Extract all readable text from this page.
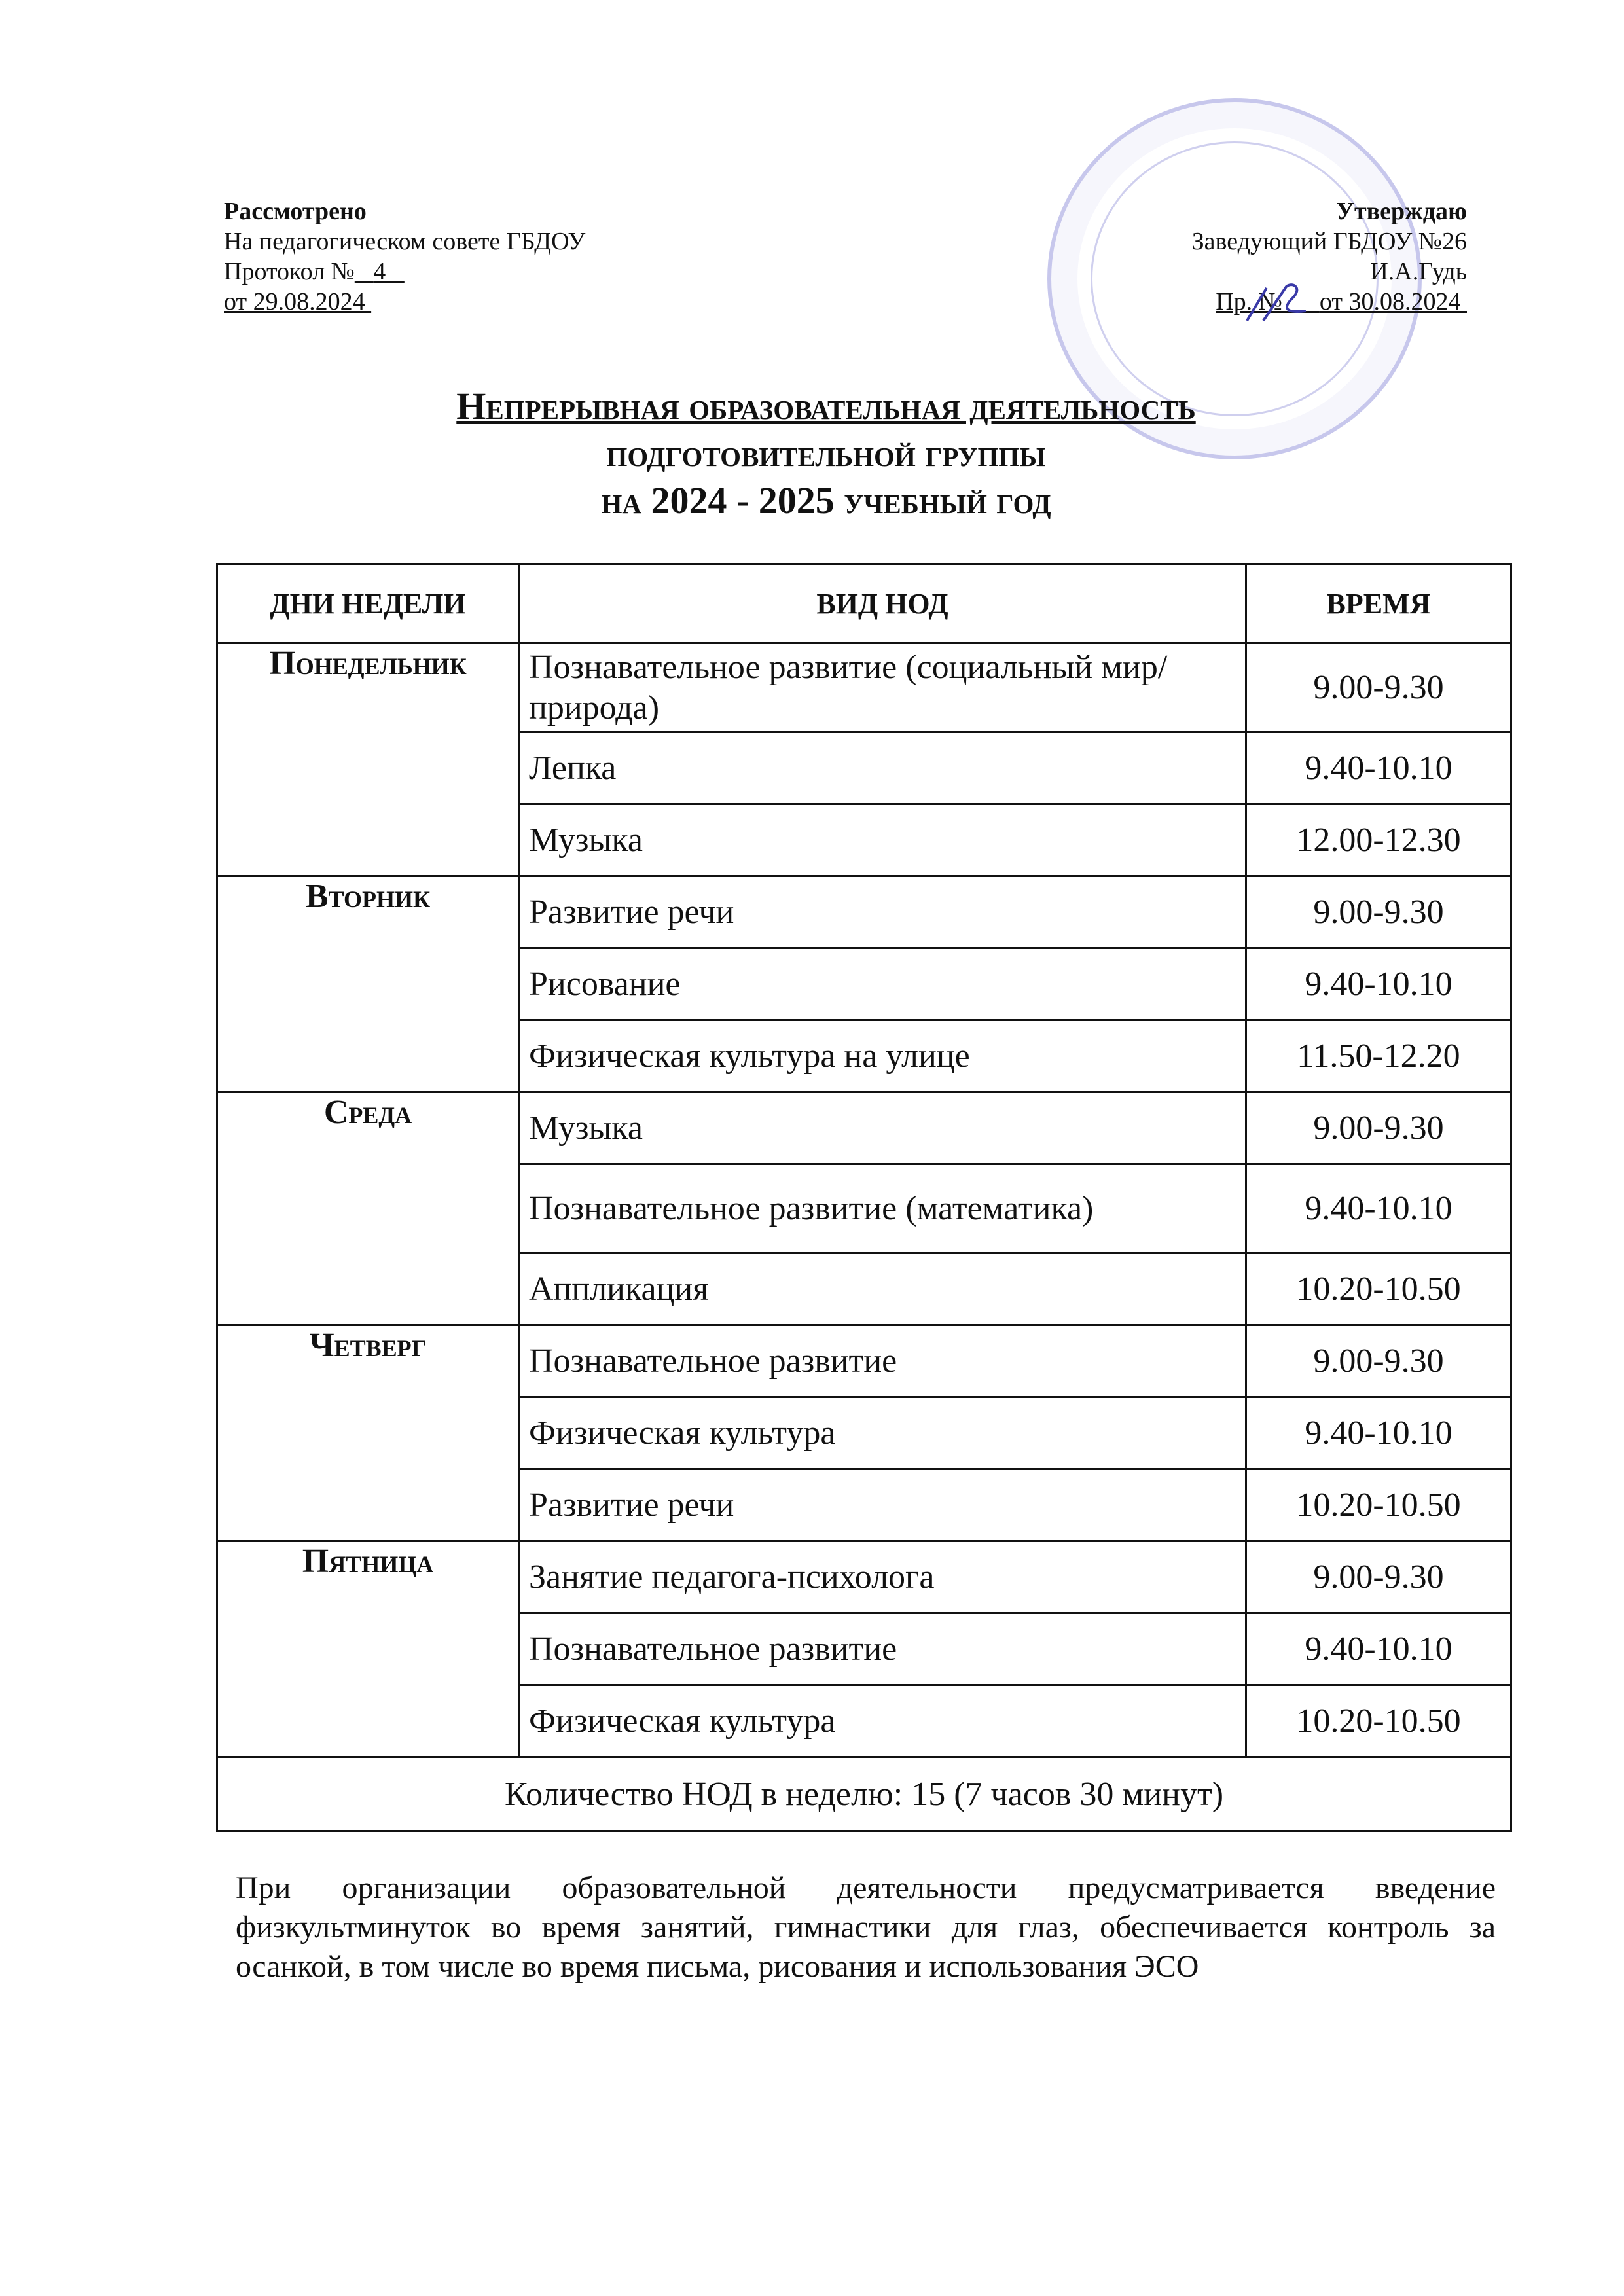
Рассмотрено
На педагогическом совете ГБДОУ
Протокол № 4
от 29.08.2024
Утверждаю
Заведующий ГБДОУ №26
И.А.Гудь
Пр. № от 30.08.2024
Непрерывная образовательная деятельность
подготовительной группы
на 2024 - 2025 учебный год
ДНИ НЕДЕЛИ	ВИД НОД	ВРЕМЯ
Понедельник	Познавательное развитие (социальный мир/природа)	9.00-9.30
	Лепка	9.40-10.10
	Музыка	12.00-12.30
Вторник	Развитие речи	9.00-9.30
	Рисование	9.40-10.10
	Физическая культура на улице	11.50-12.20
Среда	Музыка	9.00-9.30
	Познавательное развитие (математика)	9.40-10.10
	Аппликация	10.20-10.50
Четверг	Познавательное развитие	9.00-9.30
	Физическая культура	9.40-10.10
	Развитие речи	10.20-10.50
Пятница	Занятие педагога-психолога	9.00-9.30
	Познавательное развитие	9.40-10.10
	Физическая культура	10.20-10.50
Количество НОД в неделю: 15 (7 часов 30 минут)		
При организации образовательной деятельности предусматривается введение физкультминуток во время занятий, гимнастики для глаз, обеспечивается контроль за осанкой, в том числе во время письма, рисования и использования ЭСО
